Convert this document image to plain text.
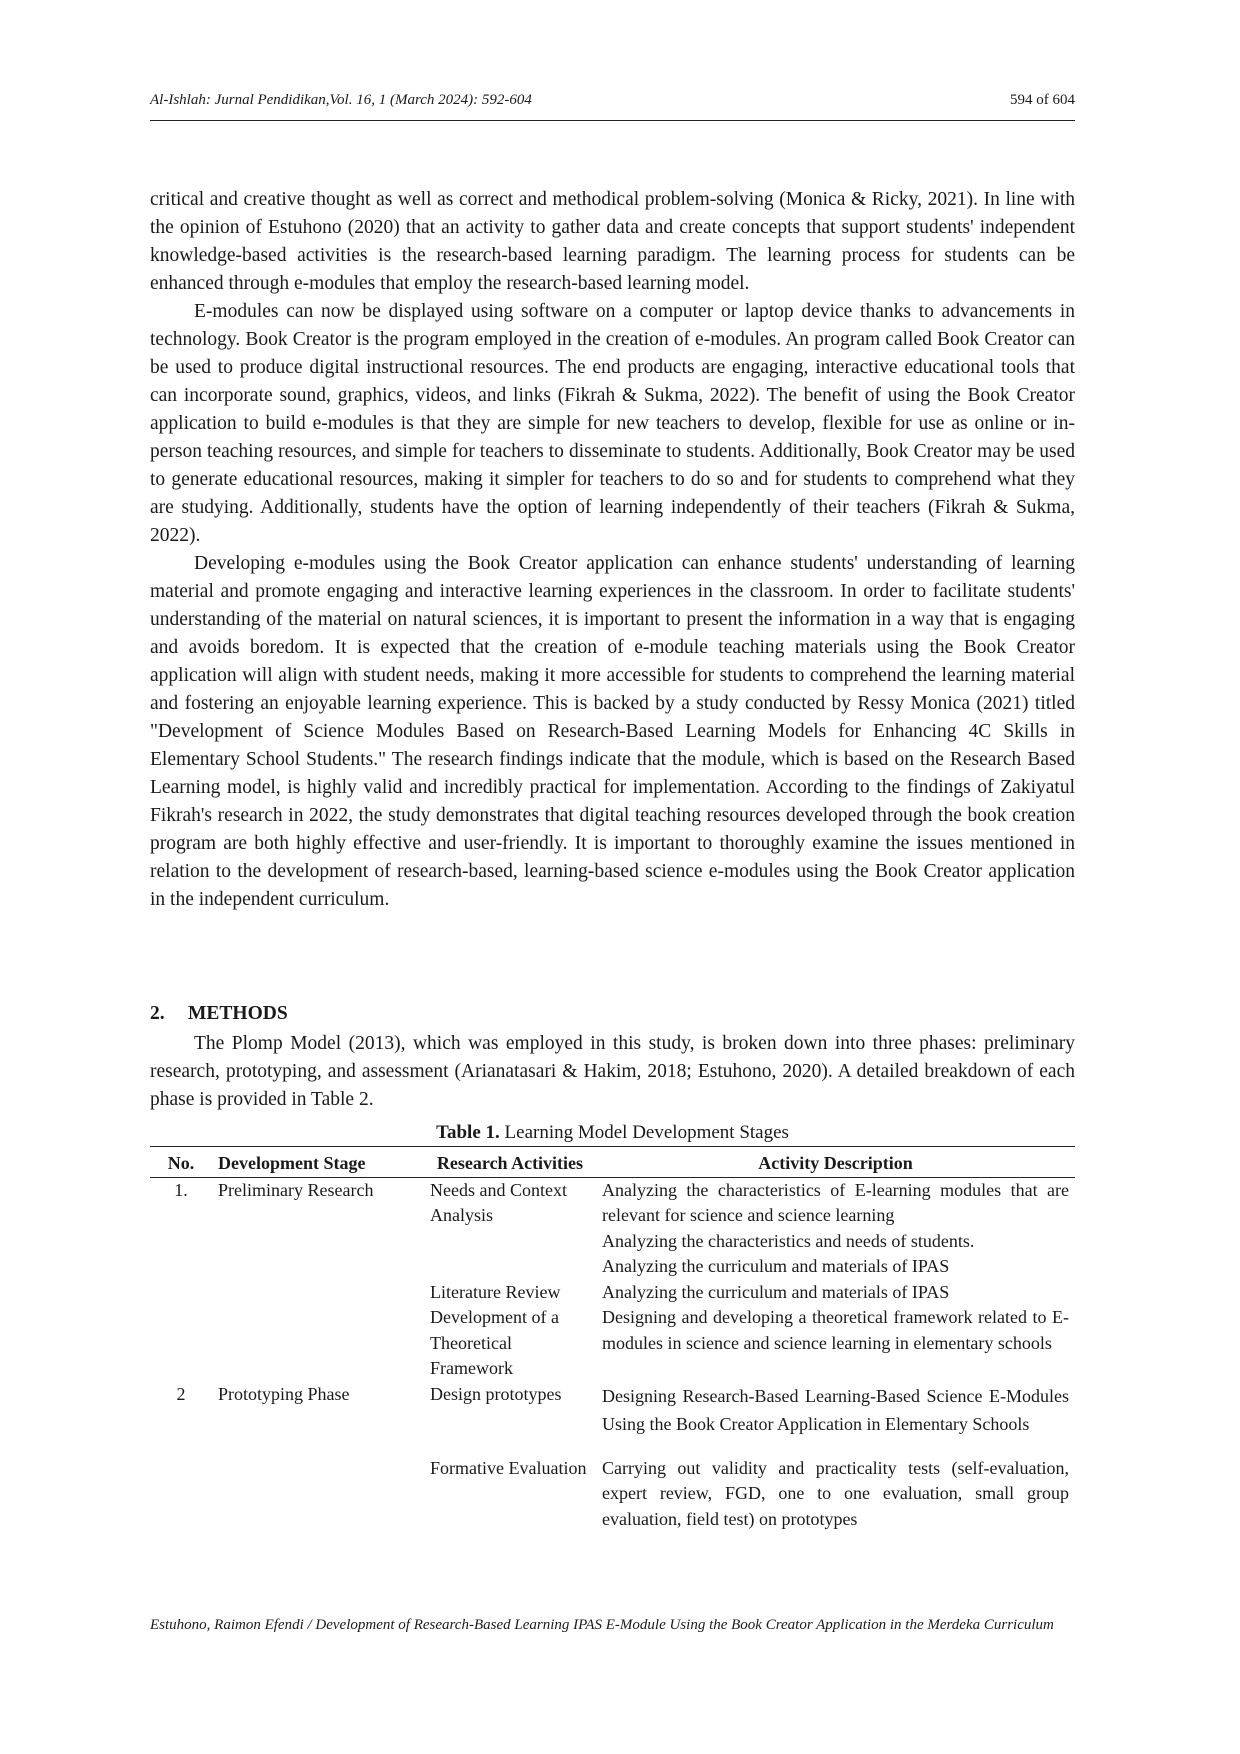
Al-Ishlah: Jurnal Pendidikan,Vol. 16, 1 (March 2024): 592-604	594 of 604

critical and creative thought as well as correct and methodical problem-solving (Monica & Ricky, 2021). In line with the opinion of Estuhono (2020) that an activity to gather data and create concepts that support students' independent knowledge-based activities is the research-based learning paradigm. The learning process for students can be enhanced through e-modules that employ the research-based learning model.

E-modules can now be displayed using software on a computer or laptop device thanks to advancements in technology. Book Creator is the program employed in the creation of e-modules. An program called Book Creator can be used to produce digital instructional resources. The end products are engaging, interactive educational tools that can incorporate sound, graphics, videos, and links (Fikrah & Sukma, 2022). The benefit of using the Book Creator application to build e-modules is that they are simple for new teachers to develop, flexible for use as online or in-person teaching resources, and simple for teachers to disseminate to students. Additionally, Book Creator may be used to generate educational resources, making it simpler for teachers to do so and for students to comprehend what they are studying. Additionally, students have the option of learning independently of their teachers (Fikrah & Sukma, 2022).

Developing e-modules using the Book Creator application can enhance students' understanding of learning material and promote engaging and interactive learning experiences in the classroom. In order to facilitate students' understanding of the material on natural sciences, it is important to present the information in a way that is engaging and avoids boredom. It is expected that the creation of e-module teaching materials using the Book Creator application will align with student needs, making it more accessible for students to comprehend the learning material and fostering an enjoyable learning experience. This is backed by a study conducted by Ressy Monica (2021) titled "Development of Science Modules Based on Research-Based Learning Models for Enhancing 4C Skills in Elementary School Students." The research findings indicate that the module, which is based on the Research Based Learning model, is highly valid and incredibly practical for implementation. According to the findings of Zakiyatul Fikrah's research in 2022, the study demonstrates that digital teaching resources developed through the book creation program are both highly effective and user-friendly. It is important to thoroughly examine the issues mentioned in relation to the development of research-based, learning-based science e-modules using the Book Creator application in the independent curriculum.

2. METHODS
The Plomp Model (2013), which was employed in this study, is broken down into three phases: preliminary research, prototyping, and assessment (Arianatasari & Hakim, 2018; Estuhono, 2020). A detailed breakdown of each phase is provided in Table 2.
Table 1. Learning Model Development Stages
No.	Development Stage	Research Activities	Activity Description
1.	Preliminary Research	Needs and Context Analysis	Analyzing the characteristics of E-learning modules that are relevant for science and science learning
			Analyzing the characteristics and needs of students.
			Analyzing the curriculum and materials of IPAS
		Literature Review	Analyzing the curriculum and materials of IPAS
		Development of a Theoretical Framework	Designing and developing a theoretical framework related to E-modules in science and science learning in elementary schools
2	Prototyping Phase	Design prototypes	Designing Research-Based Learning-Based Science E-Modules Using the Book Creator Application in Elementary Schools
		Formative Evaluation	Carrying out validity and practicality tests (self-evaluation, expert review, FGD, one to one evaluation, small group evaluation, field test) on prototypes
Estuhono, Raimon Efendi / Development of Research-Based Learning IPAS E-Module Using the Book Creator Application in the Merdeka Curriculum
